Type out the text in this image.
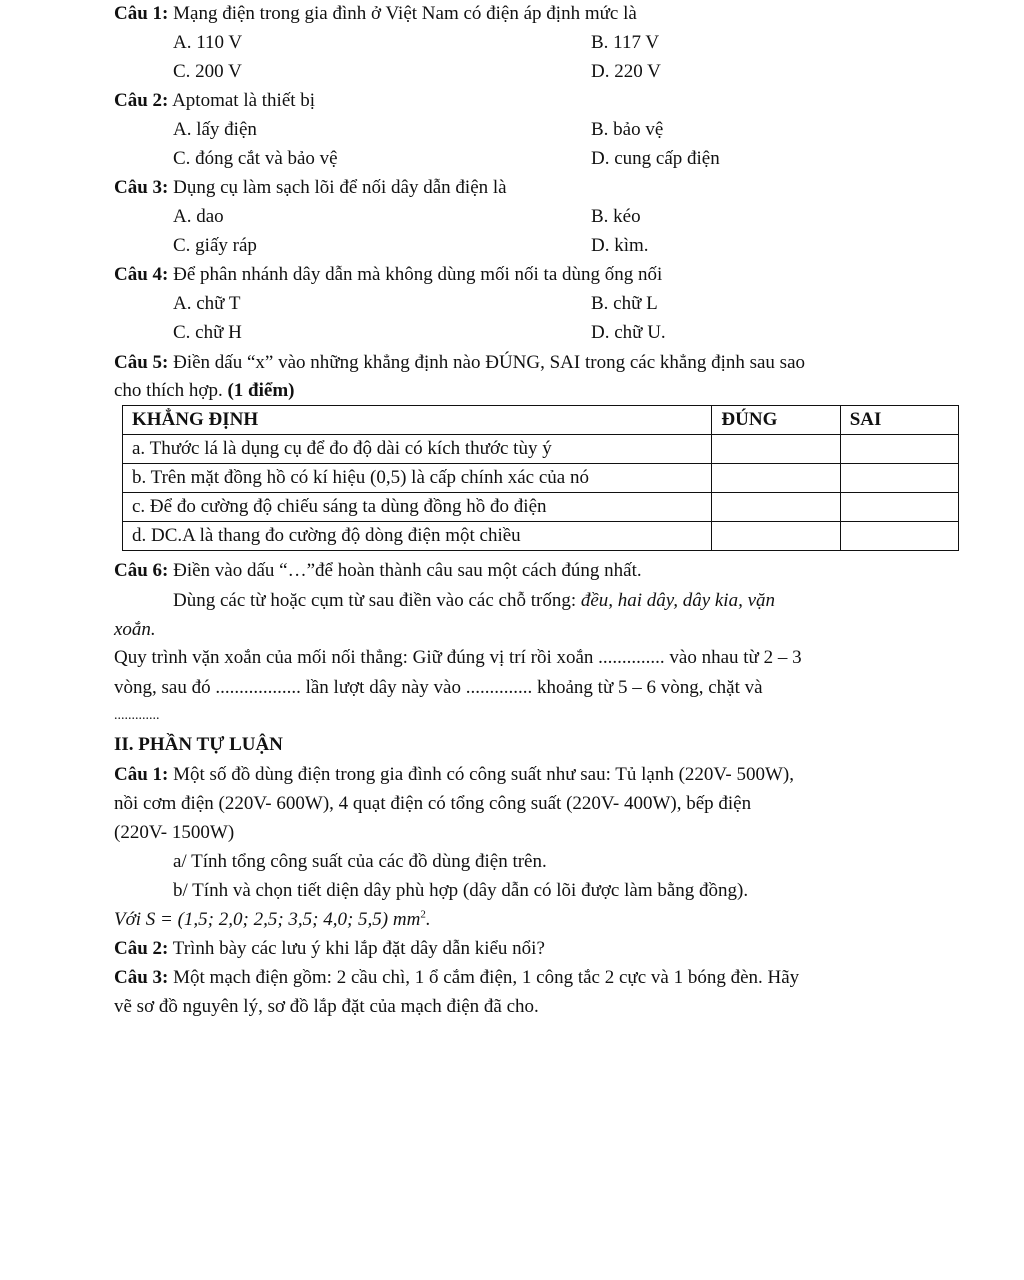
Câu 1: Mạng điện trong gia đình ở Việt Nam có điện áp định mức là
A. 110 V	B. 117 V
C. 200 V	D. 220 V
Câu 2: Aptomat là thiết bị
A. lấy điện	B. bảo vệ
C. đóng cắt và bảo vệ	D. cung cấp điện
Câu 3: Dụng cụ làm sạch lõi để nối dây dẫn điện là
A. dao	B. kéo
C. giấy ráp	D. kìm.
Câu 4: Để phân nhánh dây dẫn mà không dùng mối nối ta dùng ống nối
A. chữ T	B. chữ L
C. chữ H	D. chữ U.
Câu 5: Điền dấu “x” vào những khẳng định nào ĐÚNG, SAI trong các khẳng định sau sao
cho thích hợp. (1 điểm)
KHẲNG ĐỊNH	ĐÚNG	SAI
a. Thước lá là dụng cụ để đo độ dài có kích thước tùy ý		
b. Trên mặt đồng hồ có kí hiệu (0,5) là cấp chính xác của nó		
c. Để đo cường độ chiếu sáng ta dùng đồng hồ đo điện		
d. DC.A là thang đo cường độ dòng điện một chiều		
Câu 6: Điền vào dấu “…”để hoàn thành câu sau một cách đúng nhất.
Dùng các từ hoặc cụm từ sau điền vào các chỗ trống: đều, hai dây, dây kia, vặn
xoắn.
Quy trình vặn xoắn của mối nối thẳng: Giữ đúng vị trí rồi xoắn .............. vào nhau từ 2 – 3
vòng, sau đó .................. lần lượt dây này vào .............. khoảng từ 5 – 6 vòng, chặt và
.............
II. PHẦN TỰ LUẬN
Câu 1: Một số đồ dùng điện trong gia đình có công suất như sau: Tủ lạnh (220V- 500W),
nồi cơm điện (220V- 600W), 4 quạt điện có tổng công suất (220V- 400W), bếp điện
(220V- 1500W)
a/ Tính tổng công suất của các đồ dùng điện trên.
b/ Tính và chọn tiết diện dây phù hợp (dây dẫn có lõi được làm bằng đồng).
Với S = (1,5; 2,0; 2,5; 3,5; 4,0; 5,5) $mm^2$.
Câu 2: Trình bày các lưu ý khi lắp đặt dây dẫn kiểu nổi?
Câu 3: Một mạch điện gồm: 2 cầu chì, 1 ổ cắm điện, 1 công tắc 2 cực và 1 bóng đèn. Hãy
vẽ sơ đồ nguyên lý, sơ đồ lắp đặt của mạch điện đã cho.
